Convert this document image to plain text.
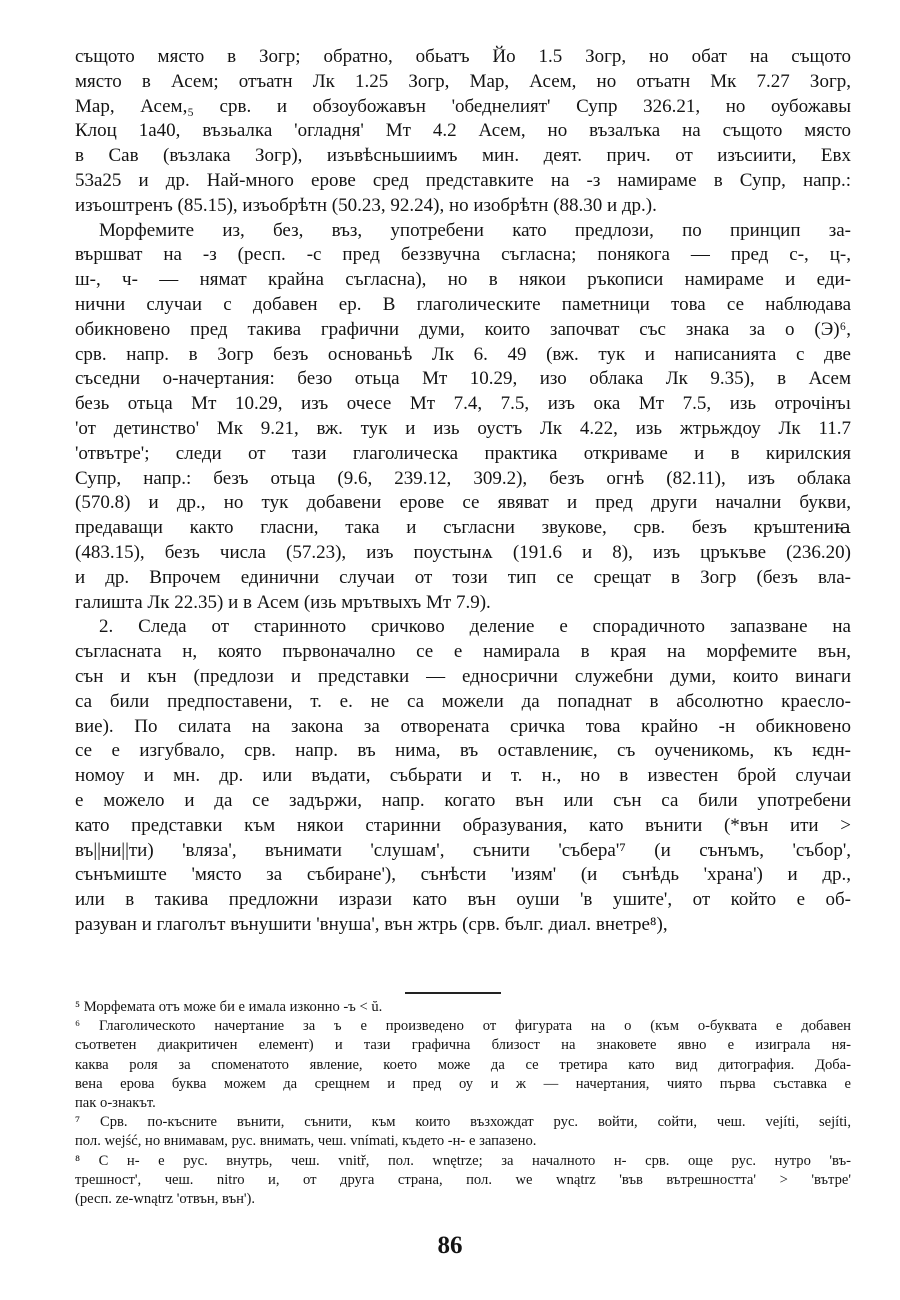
същото място в Зогр; обратно, обьатъ Йо 1.5 Зогр, но обат на същото
място в Асем; отъатн Лк 1.25 Зогр, Мар, Асем, но отъатн Мк 7.27 Зогр,
Мар, Асем,₅ срв. и обзоубожавън 'обеднелият' Супр 326.21, но оубожавы
Клоц 1а40, възьалка 'огладня' Мт 4.2 Асем, но възалъка на същото място
в Сав (възлака Зогр), изъвѣсньшиимъ мин. деят. прич. от изъсиити, Евх
53а25 и др. Най-много ерове сред представките на -з намираме в Супр, напр.:
изъоштренъ (85.15), изъобрѣтн (50.23, 92.24), но изобрѣтн (88.30 и др.).
Морфемите из, без, въз, употребени като предлози, по принцип за-
вършват на -з (респ. -с пред беззвучна съгласна; понякога — пред с-, ц-,
ш-, ч- — нямат крайна съгласна), но в някои ръкописи намираме и еди-
нични случаи с добавен ер. В глаголическите паметници това се наблюдава
обикновено пред такива графични думи, които започват със знака за о (Э)⁶,
срв. напр. в Зогр безъ основаньѣ Лк 6. 49 (вж. тук и написанията с две
съседни о-начертания: безо отьца Мт 10.29, изо облака Лк 9.35), в Асем
безь отьца Мт 10.29, изъ очесе Мт 7.4, 7.5, изъ ока Мт 7.5, изь отрочінъı
'от детинство' Мк 9.21, вж. тук и изь оустъ Лк 4.22, изь жтрьждоу Лк 11.7
'отвътре'; следи от тази глаголическа практика откриваме и в кирилския
Супр, напр.: безъ отьца (9.6, 239.12, 309.2), безъ огнѣ (82.11), изъ облака
(570.8) и др., но тук добавени ерове се явяват и пред други начални букви,
предаващи както гласни, така и съгласни звукове, срв. безъ кръштениꙗ
(483.15), безъ числа (57.23), изъ поустынѧ (191.6 и 8), изъ цръкъве (236.20)
и др. Впрочем единични случаи от този тип се срещат в Зогр (безъ вла-
галишта Лк 22.35) и в Асем (изь мрътвыхъ Мт 7.9).
2. Следа от старинното сричково деление е спорадичното запазване на
съгласната н, която първоначално се е намирала в края на морфемите вън,
сън и кън (предлози и представки — едносрични служебни думи, които винаги
са били предпоставени, т. е. не са можели да попаднат в абсолютно краесло-
вие). По силата на закона за отворената сричка това крайно -н обикновено
се е изгубвало, срв. напр. въ нима, въ оставлениѥ, съ оученикомь, къ ѥдн-
номоу и мн. др. или въдати, събьрати и т. н., но в известен брой случаи
е можело и да се задържи, напр. когато вън или сън са били употребени
като представки към някои старинни образувания, като вънити (*вън ити >
въ||ни||ти) 'вляза', вънимати 'слушам', сънити 'събера'⁷ (и сънъмъ, 'събор',
сънъмиште 'място за събиране'), сънѣсти 'изям' (и сънѣдь 'храна') и др.,
или в такива предложни изрази като вън оуши 'в ушите', от който е об-
разуван и глаголът вънушити 'внуша', вън жтрь (срв. бълг. диал. внетре⁸),
⁵ Морфемата отъ може би е имала изконно -ъ < ŭ.
⁶ Глаголическото начертание за ъ е произведено от фигурата на о (към о-буквата е добавен
съответен диакритичен елемент) и тази графична близост на знаковете явно е изиграла ня-
каква роля за споменатото явление, което може да се третира като вид дитография. Доба-
вена ерова буква можем да срещнем и пред оу и ж — начертания, чиято първа съставка е
пак о-знакът.
⁷ Срв. по-късните вънити, сънити, към които възхождат рус. войти, сойти, чеш. vejíti, sejíti,
пол. wejść, но внимавам, рус. внимать, чеш. vnímati, където -н- е запазено.
⁸ С н- е рус. внутрь, чеш. vnitř, пол. wnętrze; за началното н- срв. още рус. нутро 'въ-
трешност', чеш. nitro и, от друга страна, пол. we wnątrz 'във вътрешността' > 'вътре'
(респ. ze-wnątrz 'отвън, вън').
86
